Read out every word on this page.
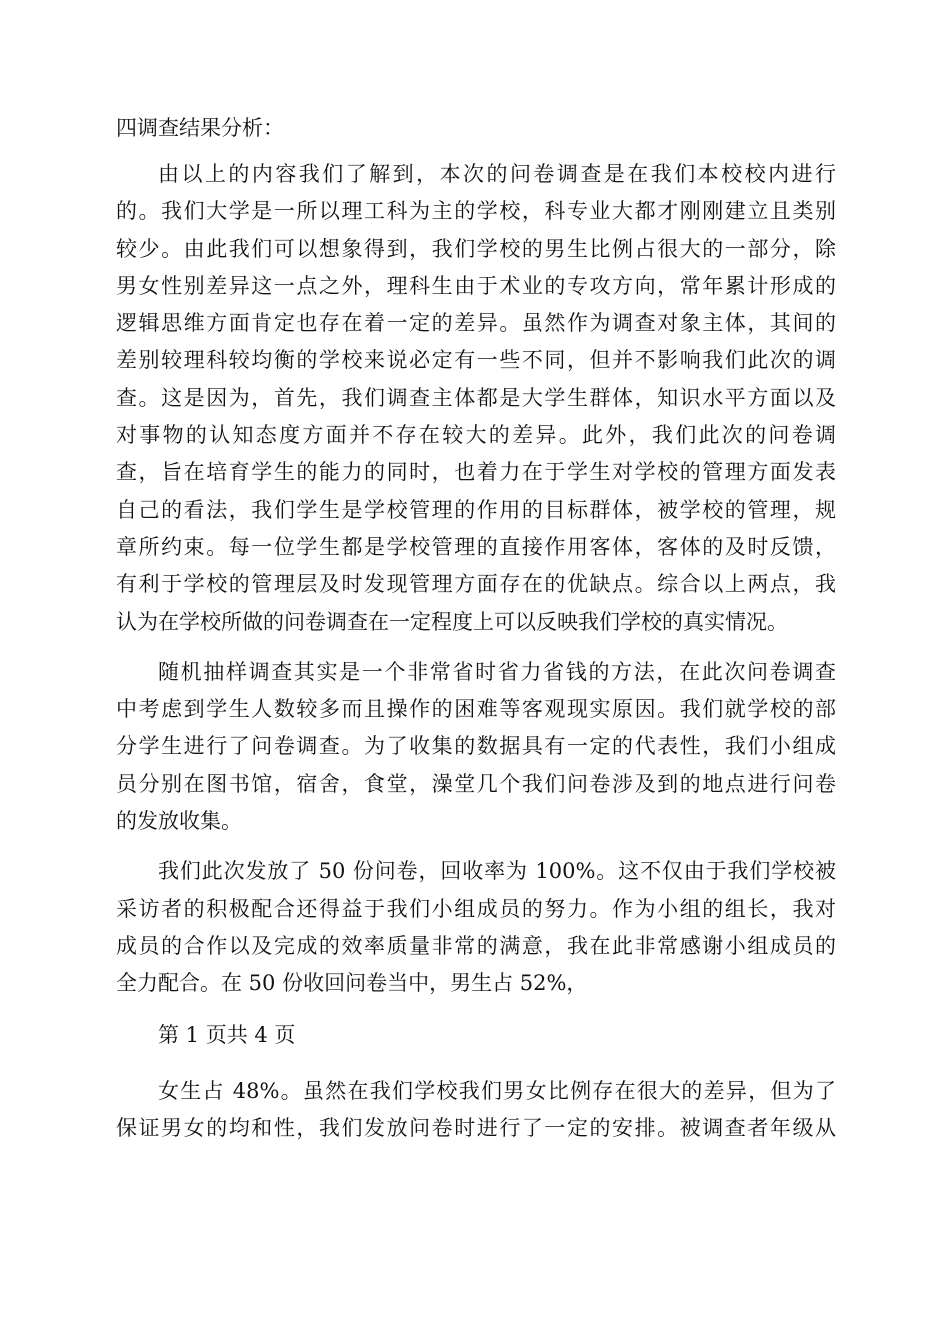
四调查结果分析：
由以上的内容我们了解到，本次的问卷调查是在我们本校校内进行
的。我们大学是一所以理工科为主的学校，科专业大都才刚刚建立且类别
较少。由此我们可以想象得到，我们学校的男生比例占很大的一部分，除
男女性别差异这一点之外，理科生由于术业的专攻方向，常年累计形成的
逻辑思维方面肯定也存在着一定的差异。虽然作为调查对象主体，其间的
差别较理科较均衡的学校来说必定有一些不同，但并不影响我们此次的调
查。这是因为，首先，我们调查主体都是大学生群体，知识水平方面以及
对事物的认知态度方面并不存在较大的差异。此外，我们此次的问卷调
查，旨在培育学生的能力的同时，也着力在于学生对学校的管理方面发表
自己的看法，我们学生是学校管理的作用的目标群体，被学校的管理，规
章所约束。每一位学生都是学校管理的直接作用客体，客体的及时反馈，
有利于学校的管理层及时发现管理方面存在的优缺点。综合以上两点，我
认为在学校所做的问卷调查在一定程度上可以反映我们学校的真实情况。
随机抽样调查其实是一个非常省时省力省钱的方法，在此次问卷调查
中考虑到学生人数较多而且操作的困难等客观现实原因。我们就学校的部
分学生进行了问卷调查。为了收集的数据具有一定的代表性，我们小组成
员分别在图书馆，宿舍，食堂，澡堂几个我们问卷涉及到的地点进行问卷
的发放收集。
我们此次发放了 50 份问卷，回收率为 100%。这不仅由于我们学校被
采访者的积极配合还得益于我们小组成员的努力。作为小组的组长，我对
成员的合作以及完成的效率质量非常的满意，我在此非常感谢小组成员的
全力配合。在 50 份收回问卷当中，男生占 52%，
第 1 页共 4 页
女生占 48%。虽然在我们学校我们男女比例存在很大的差异，但为了
保证男女的均和性，我们发放问卷时进行了一定的安排。被调查者年级从
